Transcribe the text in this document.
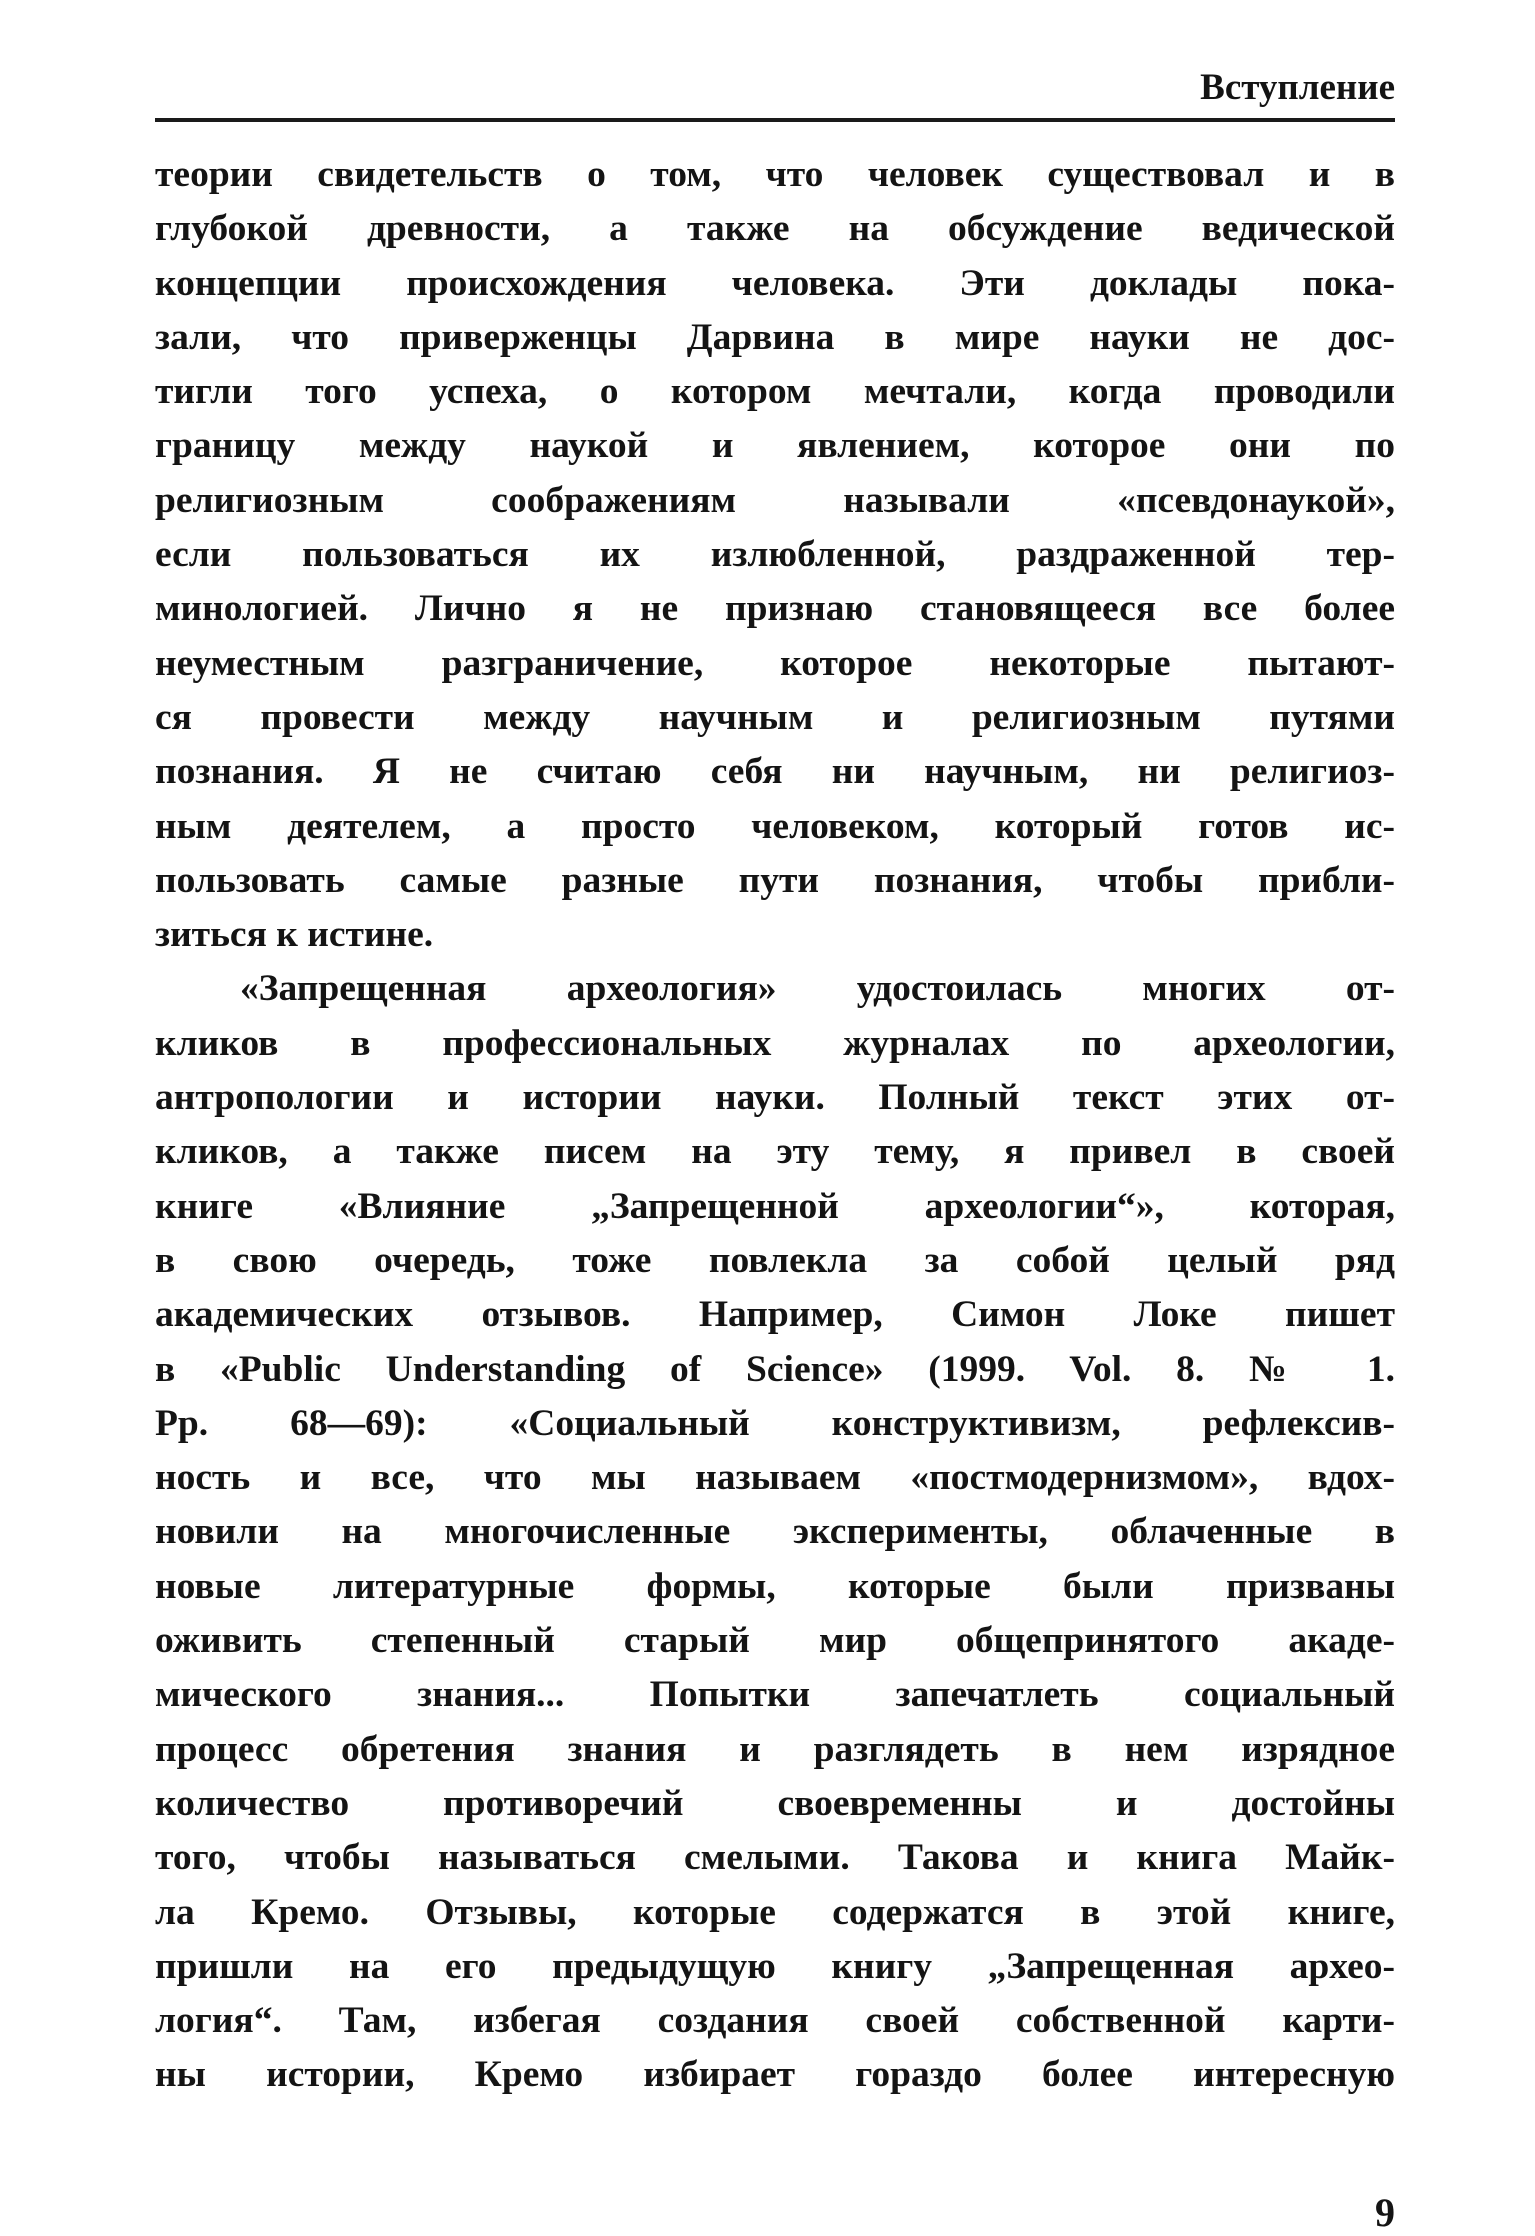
Вступление
теории свидетельств о том, что человек существовал и в
глубокой древности, а также на обсуждение ведической
концепции происхождения человека. Эти доклады пока-
зали, что приверженцы Дарвина в мире науки не дос-
тигли того успеха, о котором мечтали, когда проводили
границу между наукой и явлением, которое они по
религиозным соображениям называли «псевдонаукой»,
если пользоваться их излюбленной, раздраженной тер-
минологией. Лично я не признаю становящееся все более
неуместным разграничение, которое некоторые пытают-
ся провести между научным и религиозным путями
познания. Я не считаю себя ни научным, ни религиоз-
ным деятелем, а просто человеком, который готов ис-
пользовать самые разные пути познания, чтобы прибли-
зиться к истине.
«Запрещенная археология» удостоилась многих от-
кликов в профессиональных журналах по археологии,
антропологии и истории науки. Полный текст этих от-
кликов, а также писем на эту тему, я привел в своей
книге «Влияние „Запрещенной археологии“», которая,
в свою очередь, тоже повлекла за собой целый ряд
академических отзывов. Например, Симон Локе пишет
в «Public Understanding of Science» (1999. Vol. 8. № 1.
Pp. 68—69): «Социальный конструктивизм, рефлексив-
ность и все, что мы называем «постмодернизмом», вдох-
новили на многочисленные эксперименты, облаченные в
новые литературные формы, которые были призваны
оживить степенный старый мир общепринятого акаде-
мического знания... Попытки запечатлеть социальный
процесс обретения знания и разглядеть в нем изрядное
количество противоречий своевременны и достойны
того, чтобы называться смелыми. Такова и книга Майк-
ла Кремо. Отзывы, которые содержатся в этой книге,
пришли на его предыдущую книгу „Запрещенная архео-
логия“. Там, избегая создания своей собственной карти-
ны истории, Кремо избирает гораздо более интересную
9
